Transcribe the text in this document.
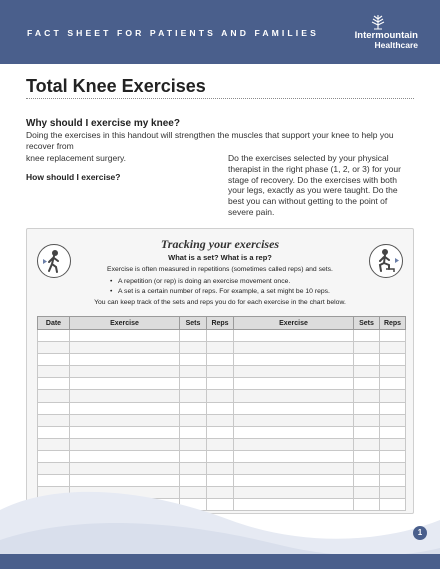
FACT SHEET FOR PATIENTS AND FAMILIES	Intermountain
Healthcare
Total Knee Exercises
Why should I exercise my knee?

Doing the exercises in this handout will strengthen the muscles that support your knee to help you recover from

knee replacement surgery.

How should I exercise?

Do the exercises selected by your physical therapist in the right phase (1, 2, or 3) for your stage of recovery. Do the exercises with both your legs, exactly as you were taught. Do the best you can without getting to the point of severe pain.

Tracking your exercises
What is a set? What is a rep?

Exercise is often measured in repetitions (sometimes called reps) and sets.

• A repetition (or rep) is doing an exercise movement once.
• A set is a certain number of reps. For example, a set might be 10 reps.

You can keep track of the sets and reps you do for each exercise in the chart below.

Date	Exercise	Sets	Reps	Exercise	Sets	Reps

1
